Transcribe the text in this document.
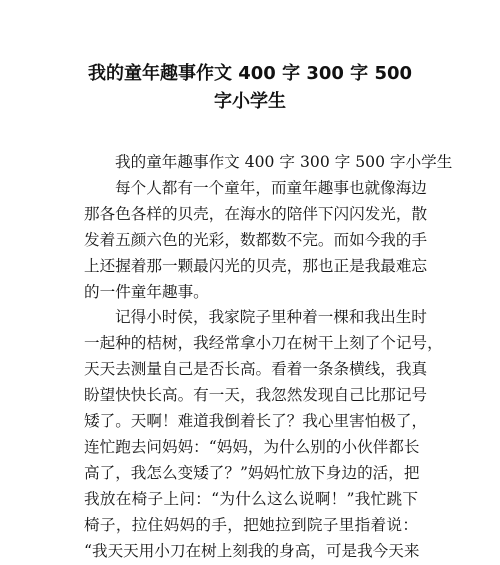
我的童年趣事作文 400 字 300 字 500
字小学生
我的童年趣事作文 400 字 300 字 500 字小学生
每个人都有一个童年，而童年趣事也就像海边
那各色各样的贝壳，在海水的陪伴下闪闪发光，散
发着五颜六色的光彩，数都数不完。而如今我的手
上还握着那一颗最闪光的贝壳，那也正是我最难忘
的一件童年趣事。
记得小时侯，我家院子里种着一棵和我出生时
一起种的桔树，我经常拿小刀在树干上刻了个记号，
天天去测量自己是否长高。看着一条条横线，我真
盼望快快长高。有一天，我忽然发现自己比那记号
矮了。天啊！难道我倒着长了？我心里害怕极了，
连忙跑去问妈妈：“妈妈，为什么别的小伙伴都长
高了，我怎么变矮了？”妈妈忙放下身边的活，把
我放在椅子上问：“为什么这么说啊！”我忙跳下
椅子，拉住妈妈的手，把她拉到院子里指着说：
“我天天用小刀在树上刻我的身高，可是我今天来
